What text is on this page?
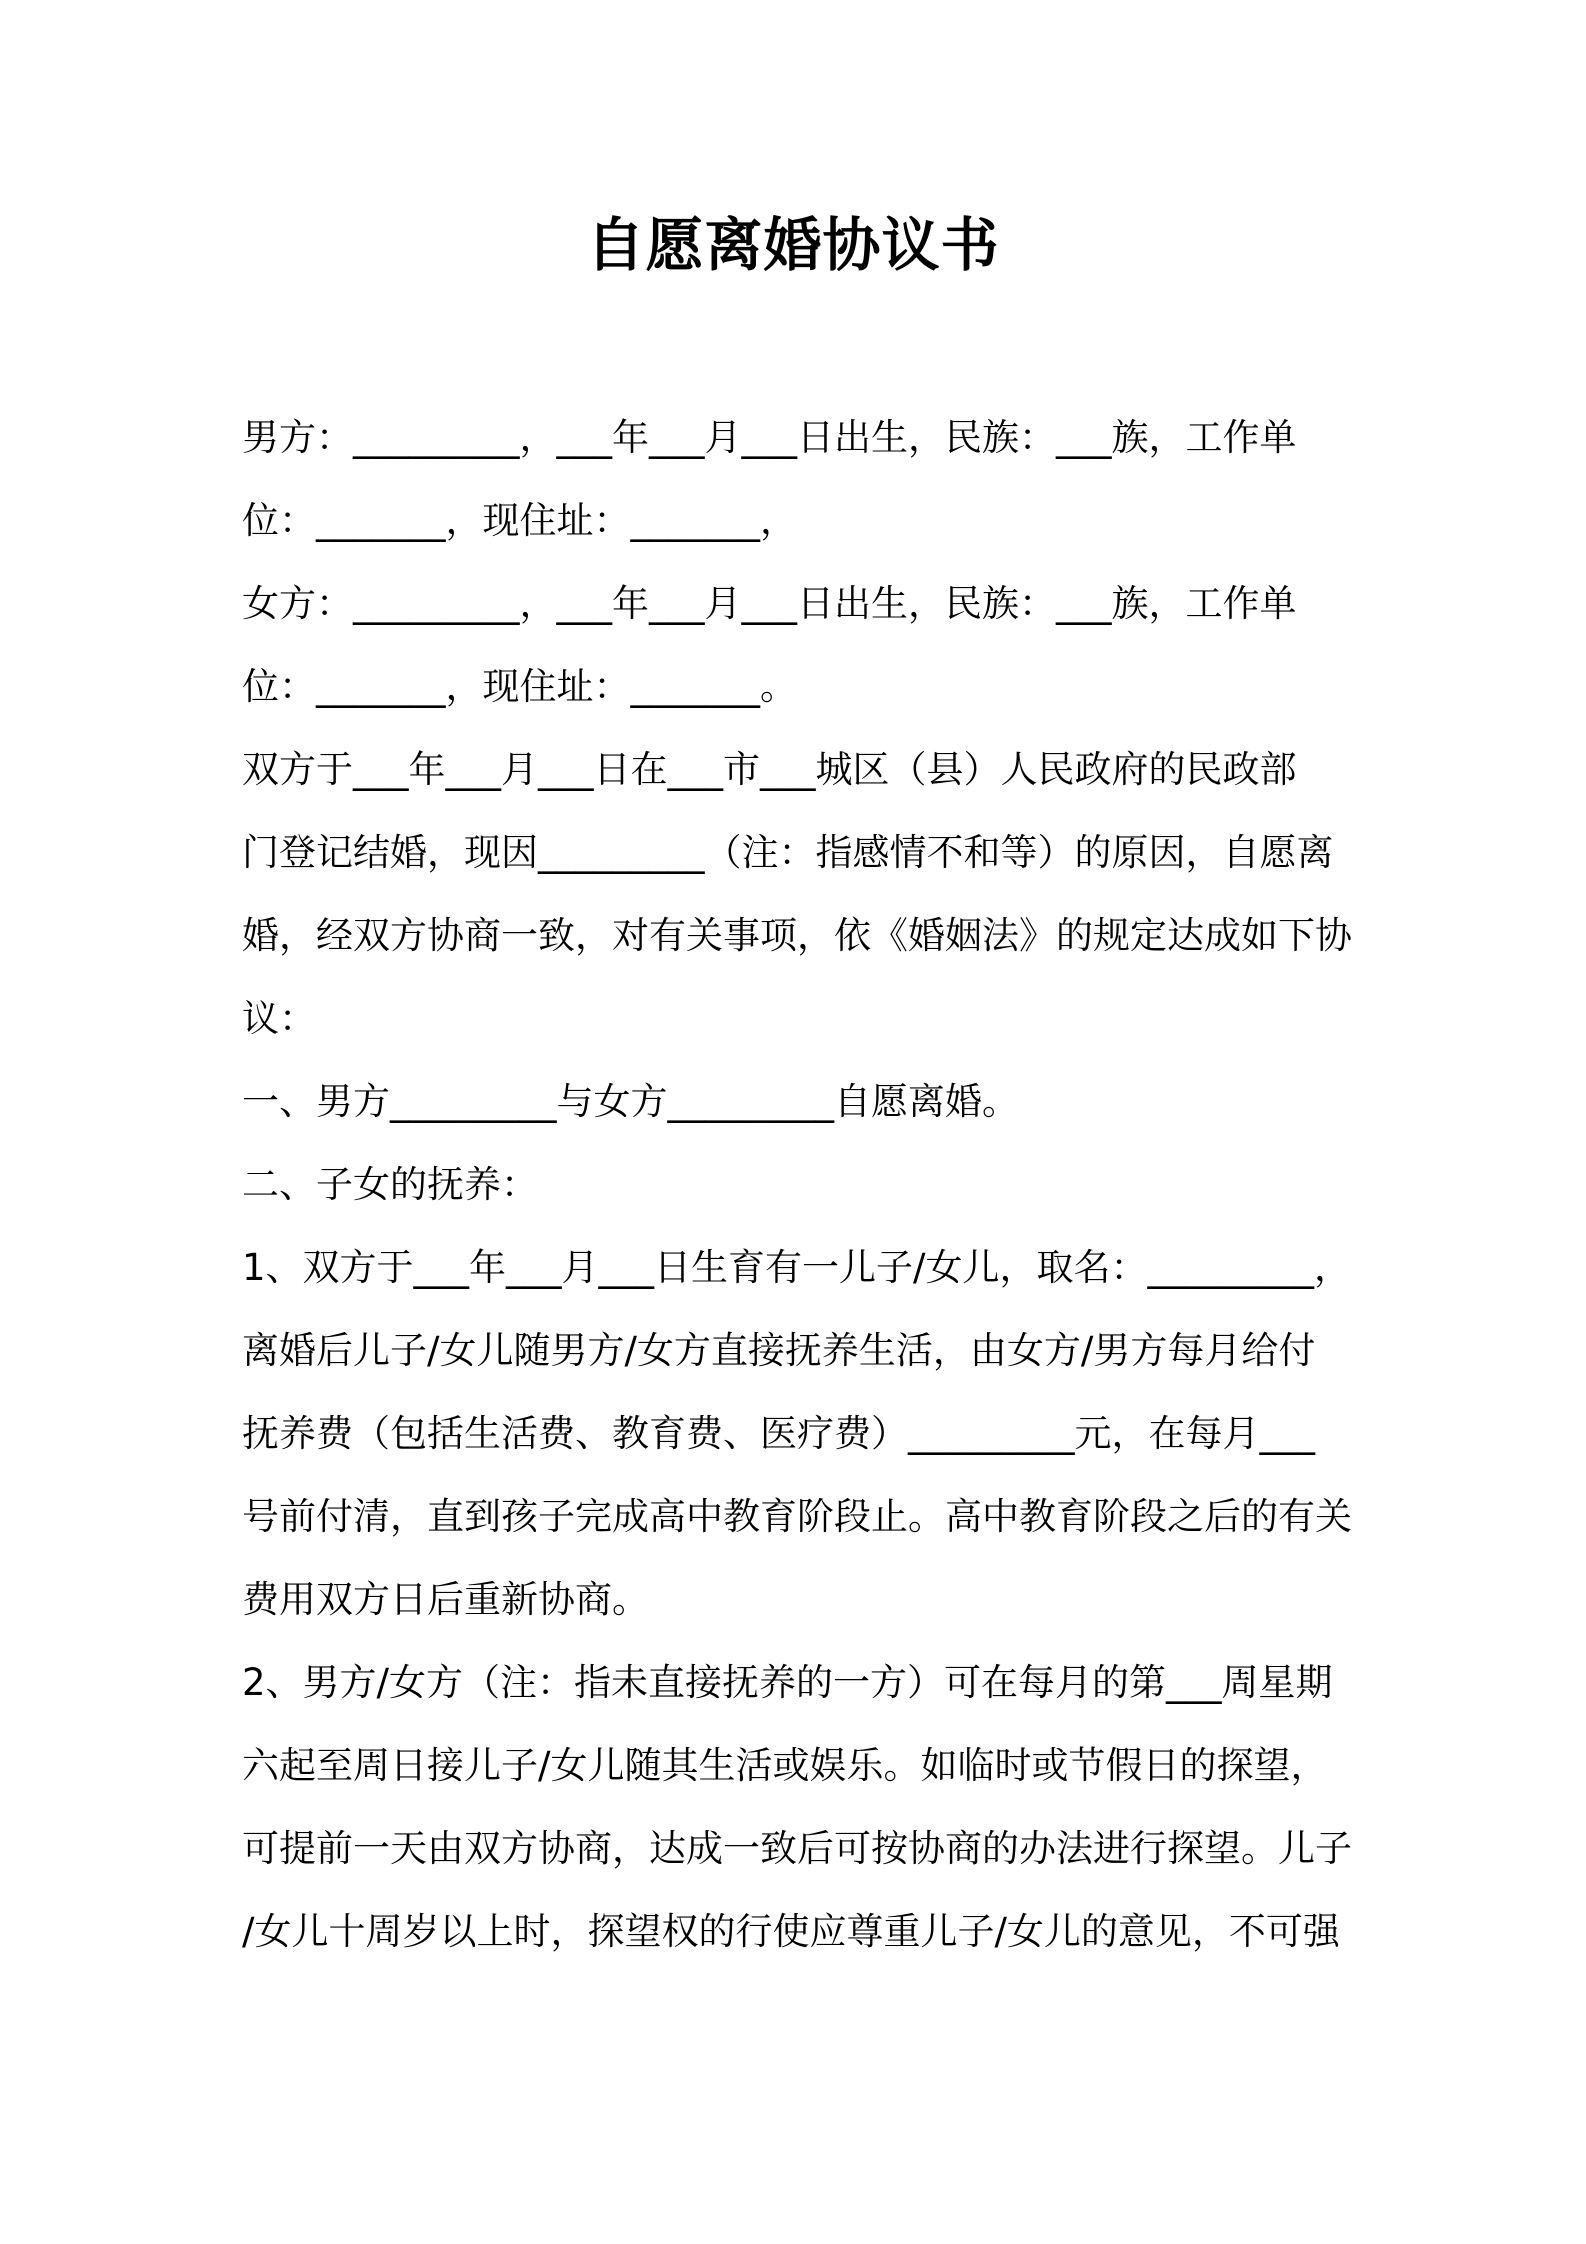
自愿离婚协议书
男方：_________，___年___月___日出生，民族：___族，工作单
位：_______，现住址：_______，
女方：_________，___年___月___日出生，民族：___族，工作单
位：_______，现住址：_______。
双方于___年___月___日在___市___城区（县）人民政府的民政部
门登记结婚，现因_________（注：指感情不和等）的原因，自愿离
婚，经双方协商一致，对有关事项，依《婚姻法》的规定达成如下协
议：
一、男方_________与女方_________自愿离婚。
二、子女的抚养：
1、双方于___年___月___日生育有一儿子/女儿，取名：_________，
离婚后儿子/女儿随男方/女方直接抚养生活，由女方/男方每月给付
抚养费（包括生活费、教育费、医疗费）_________元，在每月___
号前付清，直到孩子完成高中教育阶段止。高中教育阶段之后的有关
费用双方日后重新协商。
2、男方/女方（注：指未直接抚养的一方）可在每月的第___周星期
六起至周日接儿子/女儿随其生活或娱乐。如临时或节假日的探望，
可提前一天由双方协商，达成一致后可按协商的办法进行探望。儿子
/女儿十周岁以上时，探望权的行使应尊重儿子/女儿的意见，不可强
